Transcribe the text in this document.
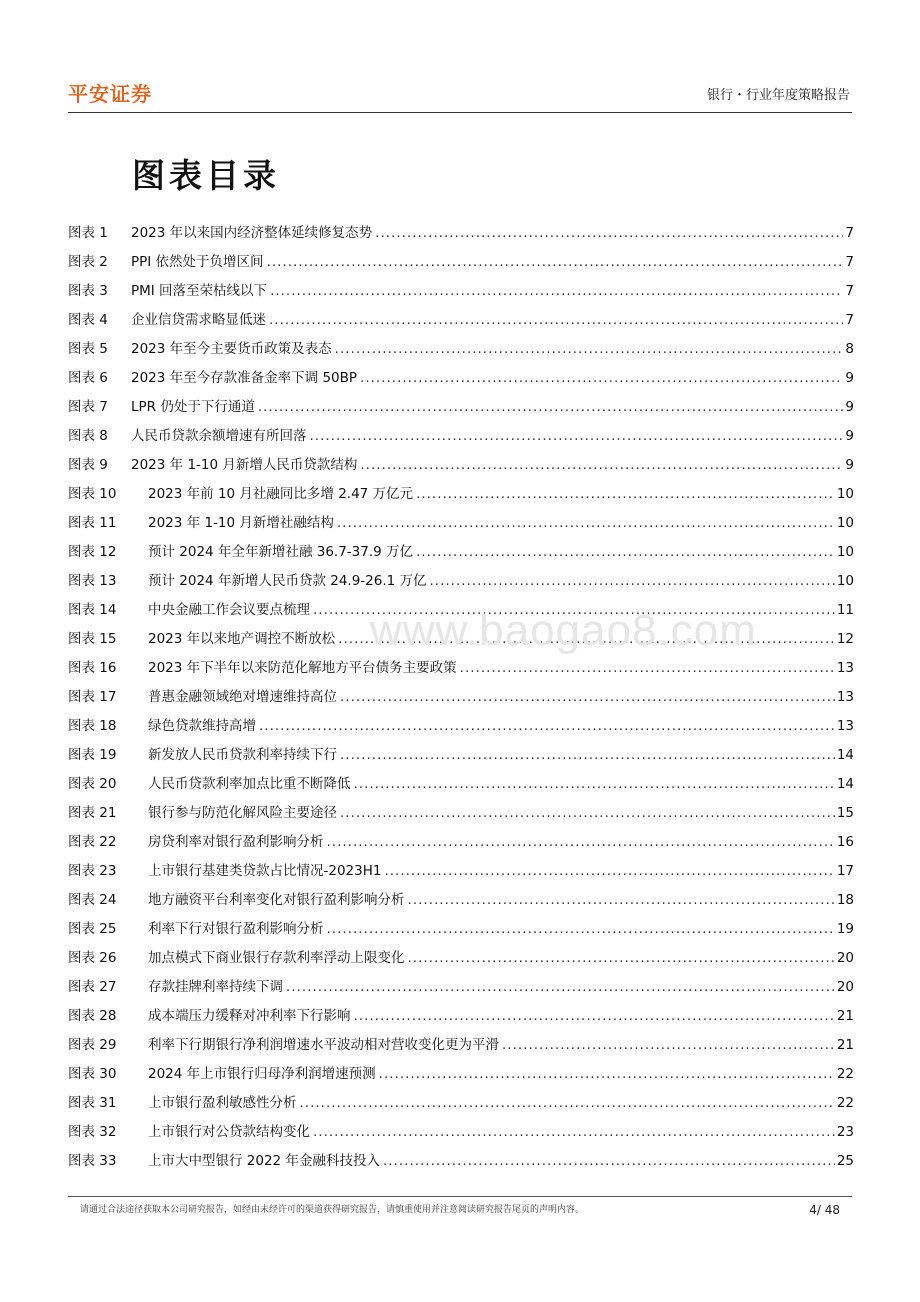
平安证券	银行・行业年度策略报告
图表目录
图表 1	2023 年以来国内经济整体延续修复态势 .....	7
图表 2	PPI 依然处于负增区间 .....	7
图表 3	PMI 回落至荣枯线以下 .....	7
图表 4	企业信贷需求略显低迷 .....	7
图表 5	2023 年至今主要货币政策及表态 .....	8
图表 6	2023 年至今存款准备金率下调 50BP .....	9
图表 7	LPR 仍处于下行通道 .....	9
图表 8	人民币贷款余额增速有所回落 .....	9
图表 9	2023 年 1-10 月新增人民币贷款结构 .....	9
图表 10	2023 年前 10 月社融同比多增 2.47 万亿元 .....	10
图表 11	2023 年 1-10 月新增社融结构 .....	10
图表 12	预计 2024 年全年新增社融 36.7-37.9 万亿 .....	10
图表 13	预计 2024 年新增人民币贷款 24.9-26.1 万亿 .....	10
图表 14	中央金融工作会议要点梳理 .....	11
图表 15	2023 年以来地产调控不断放松 .....	12
图表 16	2023 年下半年以来防范化解地方平台债务主要政策 .....	13
图表 17	普惠金融领域绝对增速维持高位 .....	13
图表 18	绿色贷款维持高增 .....	13
图表 19	新发放人民币贷款利率持续下行 .....	14
图表 20	人民币贷款利率加点比重不断降低 .....	14
图表 21	银行参与防范化解风险主要途径 .....	15
图表 22	房贷利率对银行盈利影响分析 .....	16
图表 23	上市银行基建类贷款占比情况-2023H1 .....	17
图表 24	地方融资平台利率变化对银行盈利影响分析 .....	18
图表 25	利率下行对银行盈利影响分析 .....	19
图表 26	加点模式下商业银行存款利率浮动上限变化 .....	20
图表 27	存款挂牌利率持续下调 .....	20
图表 28	成本端压力缓释对冲利率下行影响 .....	21
图表 29	利率下行期银行净利润增速水平波动相对营收变化更为平滑 .....	21
图表 30	2024 年上市银行归母净利润增速预测 .....	22
图表 31	上市银行盈利敏感性分析 .....	22
图表 32	上市银行对公贷款结构变化 .....	23
图表 33	上市大中型银行 2022 年金融科技投入 .....	25
www.baogao8.com
请通过合法途径获取本公司研究报告，如经由未经许可的渠道获得研究报告，请慎重使用并注意阅读研究报告尾页的声明内容。	4/ 48
